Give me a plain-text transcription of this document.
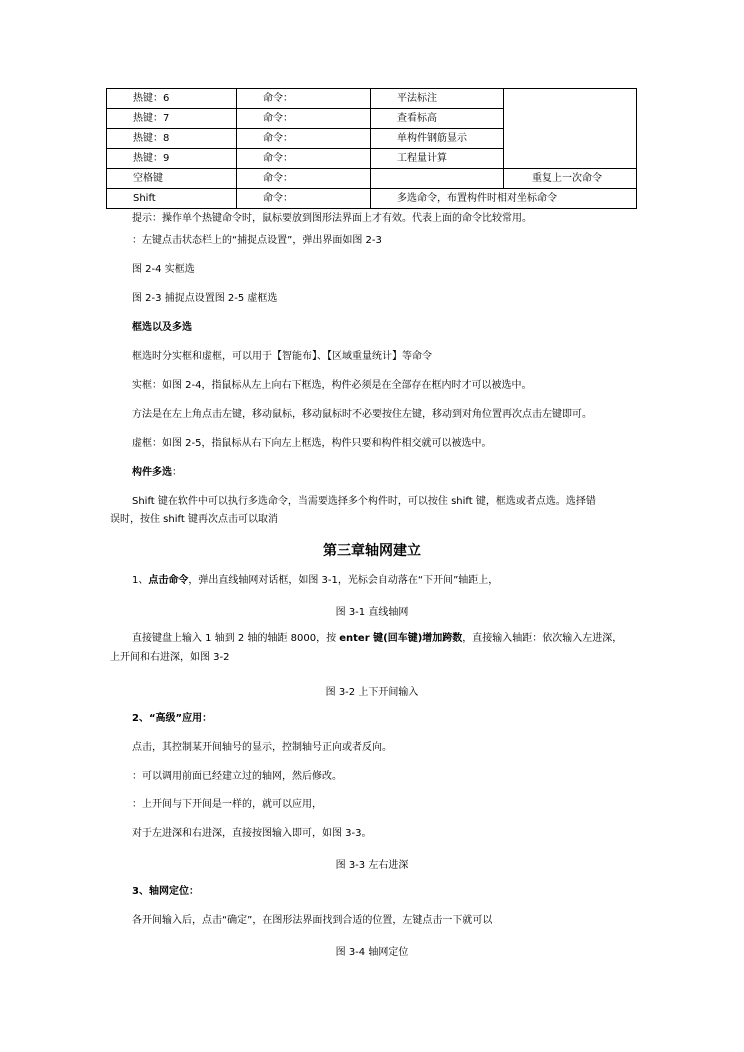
热键：6	命令：	平法标注	
热键：7	命令：	查看标高	
热键：8	命令：	单构件钢筋显示	
热键：9	命令：	工程量计算	
空格键	命令：		重复上一次命令
Shift	命令：	多选命令，布置构件时相对坐标命令	
提示：操作单个热键命令时，鼠标要放到图形法界面上才有效。代表上面的命令比较常用。
：左键点击状态栏上的“捕捉点设置”，弹出界面如图 2-3
图 2-4 实框选
图 2-3 捕捉点设置图 2-5 虚框选
框选以及多选
框选时分实框和虚框，可以用于【智能布】、【区域重量统计】等命令
实框：如图 2-4，指鼠标从左上向右下框选，构件必须是在全部存在框内时才可以被选中。
方法是在左上角点击左键，移动鼠标，移动鼠标时不必要按住左键，移动到对角位置再次点击左键即可。
虚框：如图 2-5，指鼠标从右下向左上框选，构件只要和构件相交就可以被选中。
构件多选：
Shift 键在软件中可以执行多选命令，当需要选择多个构件时，可以按住 shift 键，框选或者点选。选择错
误时，按住 shift 键再次点击可以取消
第三章轴网建立
1、点击命令，弹出直线轴网对话框，如图 3-1，光标会自动落在“下开间”轴距上，
图 3-1 直线轴网
直接键盘上输入 1 轴到 2 轴的轴距 8000，按 enter 键(回车键)增加跨数，直接输入轴距：依次输入左进深，
上开间和右进深，如图 3-2
图 3-2 上下开间输入
2、“高级”应用：
点击，其控制某开间轴号的显示，控制轴号正向或者反向。
：可以调用前面已经建立过的轴网，然后修改。
：上开间与下开间是一样的，就可以应用，
对于左进深和右进深，直接按图输入即可，如图 3-3。
图 3-3 左右进深
3、轴网定位：
各开间输入后，点击“确定”，在图形法界面找到合适的位置，左键点击一下就可以
图 3-4 轴网定位
